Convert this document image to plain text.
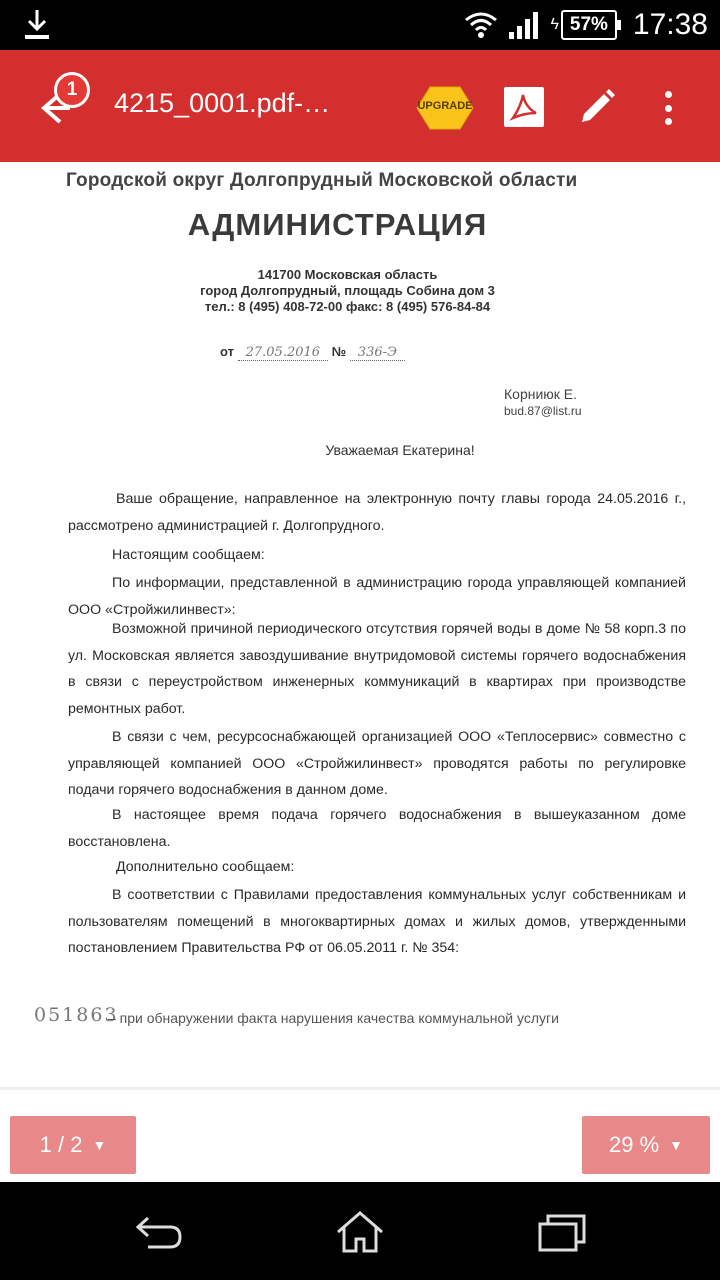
ϟ 57% 17:38
1	4215_0001.pdf-…	UPGRADE
Городской округ Долгопрудный Московской области
АДМИНИСТРАЦИЯ
141700 Московская область
город Долгопрудный, площадь Собина дом 3
тел.: 8 (495) 408-72-00 факс: 8 (495) 576-84-84
от 27.05.2016 № 336-Э
Корниюк Е.
bud.87@list.ru
Уважаемая Екатерина!
Ваше обращение, направленное на электронную почту главы города 24.05.2016 г., рассмотрено администрацией г. Долгопрудного.
Настоящим сообщаем:
По информации, представленной в администрацию города управляющей компанией ООО «Стройжилинвест»:
Возможной причиной периодического отсутствия горячей воды в доме № 58 корп.3 по ул. Московская является завоздушивание внутридомовой системы горячего водоснабжения в связи с переустройством инженерных коммуникаций в квартирах при производстве ремонтных работ.
В связи с чем, ресурсоснабжающей организацией ООО «Теплосервис» совместно с управляющей компанией ООО «Стройжилинвест» проводятся работы по регулировке подачи горячего водоснабжения в данном доме.
В настоящее время подача горячего водоснабжения в вышеуказанном доме восстановлена.
Дополнительно сообщаем:
В соответствии с Правилами предоставления коммунальных услуг собственникам и пользователям помещений в многоквартирных домах и жилых домов, утвержденными постановлением Правительства РФ от 06.05.2011 г. № 354:
051863
– при обнаружении факта нарушения качества коммунальной услуги
1 / 2 ▼	29 % ▼
